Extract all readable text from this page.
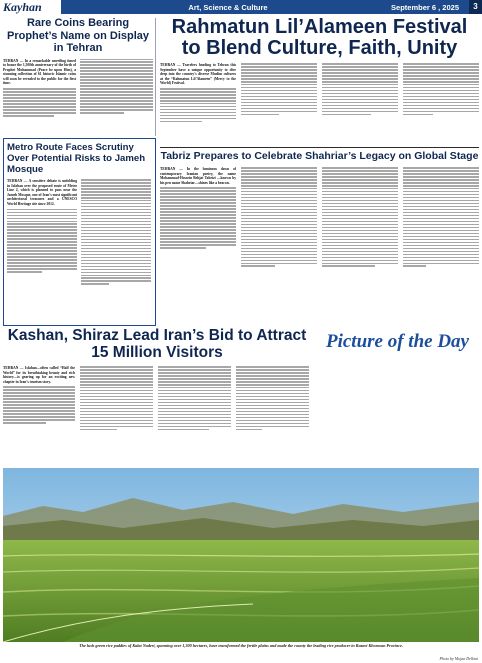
Kayhan	Art, Science & Culture	September 6 , 2025	3
Rare Coins Bearing Prophet’s Name on Display in Tehran

TEHRAN — In a remarkable unveiling timed to honor the 1,500th anniversary of the birth of Prophet Muhammad (Peace be upon Him), a stunning collection of 61 historic Islamic coins will soon be revealed to the public for the first time.

Rahmatun Lil’Alameen Festival to Blend Culture, Faith, Unity

TEHRAN — Travelers heading to Tehran this September have a unique opportunity to dive deep into the country’s diverse Muslim cultures at the “Rahmatun Lil’Alameen” (Mercy to the World) Festival.

Tabriz Prepares to Celebrate Shahriar’s Legacy on Global Stage

TEHRAN — In the luminous dawn of contemporary Iranian poetry, the name Mohammad-Hossein Behjat Tabrizi —known by his pen name Shahriar—shines like a beacon.

Metro Route Faces Scrutiny Over Potential Risks to Jameh Mosque

TEHRAN — A sensitive debate is unfolding in Isfahan over the proposed route of Metro Line 2, which is planned to pass near the Jameh Mosque, one of Iran’s most significant architectural treasures and a UNESCO World Heritage site since 2012.

Picture of the Day
Kashan, Shiraz Lead Iran’s Bid to Attract 15 Million Visitors

TEHRAN — Isfahan—often called “Half the World” for its breathtaking beauty and rich history—is gearing up for an exciting new chapter in Iran’s tourism story.

The lush green rice paddies of Kalat Naderi, spanning over 1,300 hectares, have transformed the fertile plains and made the county the leading rice producer in Razavi Khorasan Province.
Photo by Mojan Delkini
